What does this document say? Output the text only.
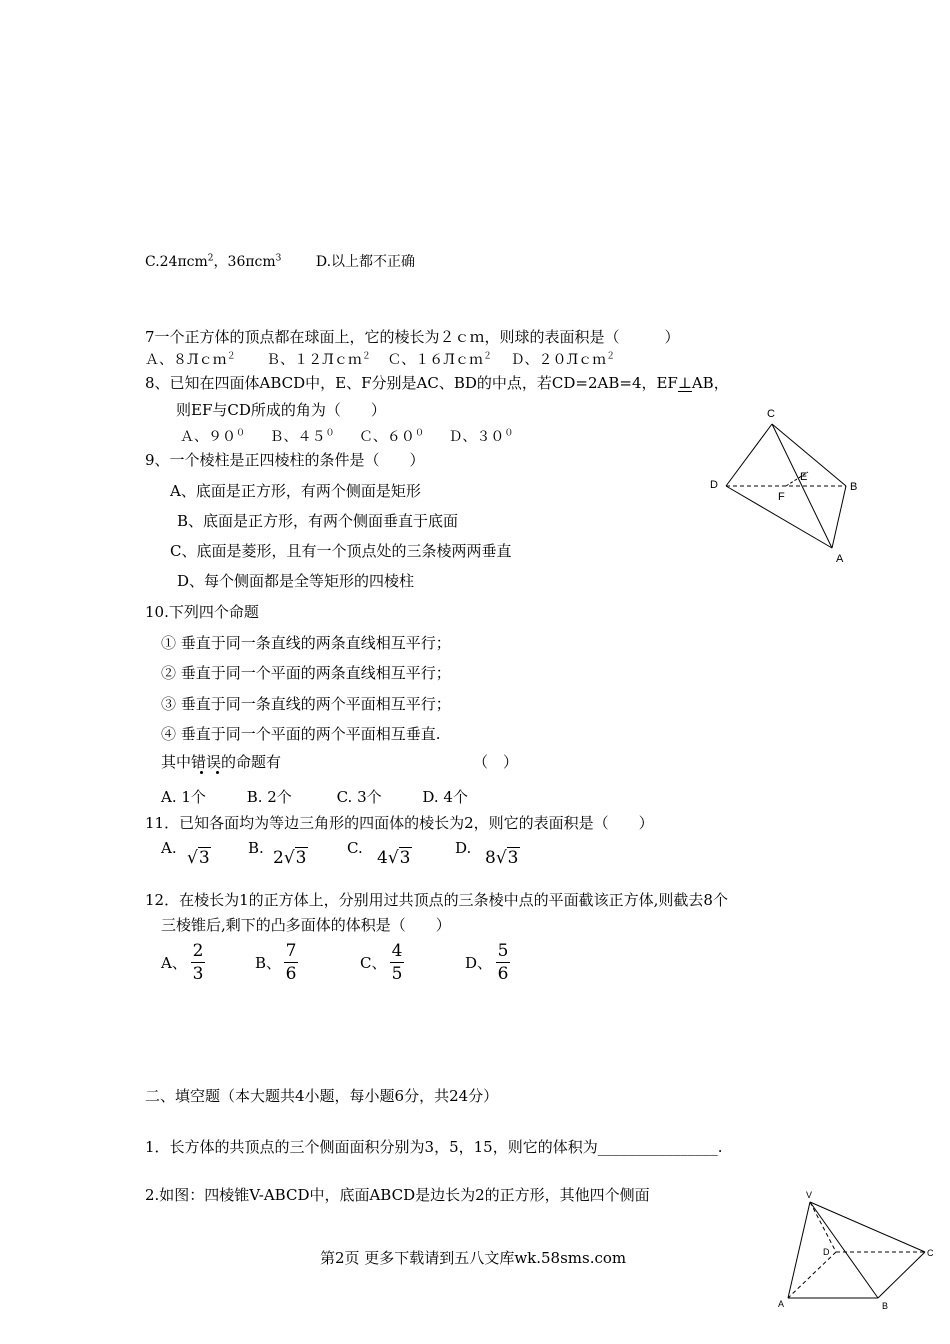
C.24πcm$^2$，36πcm$^3$ D.以上都不正确
7一个正方体的顶点都在球面上，它的棱长为２ｃｍ，则球的表面积是（　　　）
Ａ、８Лｃｍ$^2$ Ｂ、１２Лｃｍ$^2$ Ｃ、１６Лｃｍ$^2$ Ｄ、２０Лｃｍ$^2$
8、已知在四面体ABCD中，E、F分别是AC、BD的中点，若CD=2AB=4，EF⊥AB，
则EF与CD所成的角为（　　）
Ａ、$90^0$ Ｂ、$45^0$ Ｃ、$60^0$ Ｄ、$30^0$
C
D
E
F
B
A
9、一个棱柱是正四棱柱的条件是（　　）
A、底面是正方形，有两个侧面是矩形
B、底面是正方形，有两个侧面垂直于底面
C、底面是菱形，且有一个顶点处的三条棱两两垂直
D、每个侧面都是全等矩形的四棱柱
10.下列四个命题
① 垂直于同一条直线的两条直线相互平行；
② 垂直于同一个平面的两条直线相互平行；
③ 垂直于同一条直线的两个平面相互平行；
④ 垂直于同一个平面的两个平面相互垂直.
其中错误的命题有	（　）
A. 1个	B. 2个	C. 3个	D. 4个
11．已知各面均为等边三角形的四面体的棱长为2，则它的表面积是（　　）
A. √3	B. 2√3	C. 4√3	D. 8√3
12．在棱长为1的正方体上，分别用过共顶点的三条棱中点的平面截该正方体,则截去8个
三棱锥后,剩下的凸多面体的体积是（　　）
A、
2
3
B、
7
6
C、
4
5
D、
5
6
二、填空题（本大题共4小题，每小题6分，共24分）
1．长方体的共顶点的三个侧面面积分别为3，5，15，则它的体积为________________.
2.如图：四棱锥V-ABCD中，底面ABCD是边长为2的正方形，其他四个侧面	V
D	C
A	B
第2页 更多下载请到五八文库wk.58sms.com
